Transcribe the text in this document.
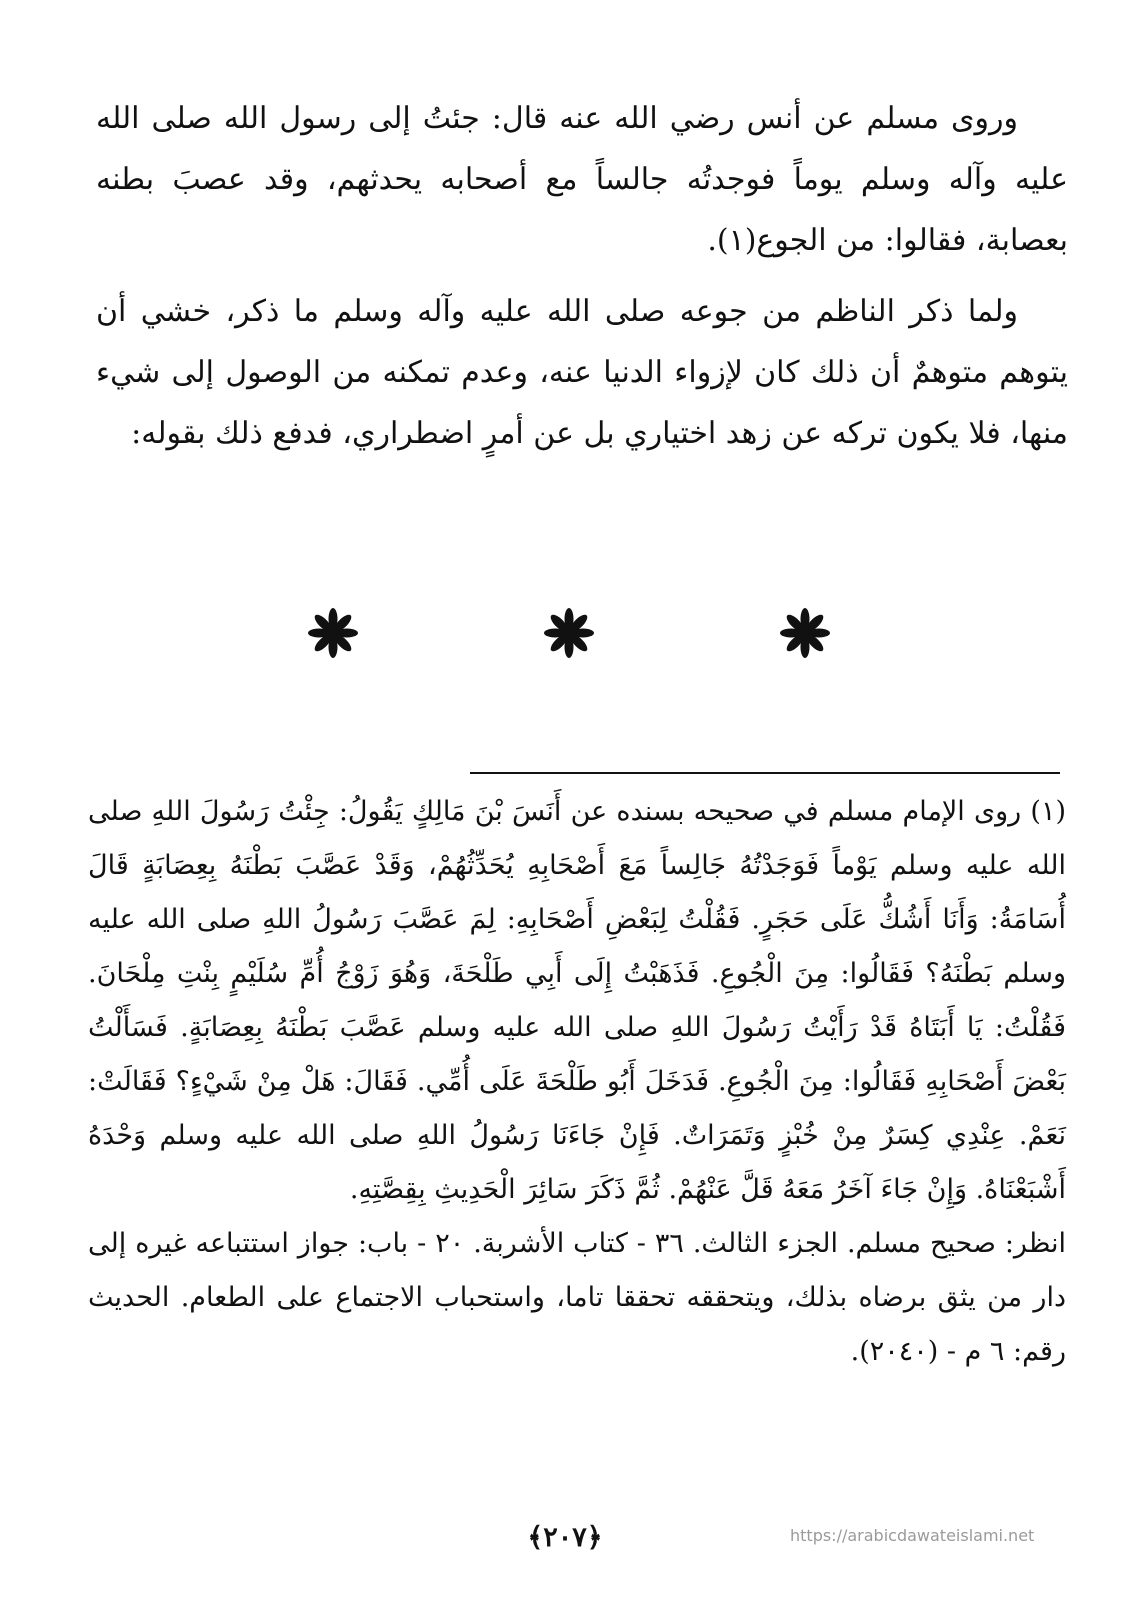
وروى مسلم عن أنس رضي الله عنه قال: جئتُ إلى رسول الله صلى الله عليه وآله وسلم يوماً فوجدتُه جالساً مع أصحابه يحدثهم، وقد عصبَ بطنه بعصابة، فقالوا: من الجوع(١).

ولما ذكر الناظم من جوعه صلى الله عليه وآله وسلم ما ذكر، خشي أن يتوهم متوهمٌ أن ذلك كان لإزواء الدنيا عنه، وعدم تمكنه من الوصول إلى شيء منها، فلا يكون تركه عن زهد اختياري بل عن أمرٍ اضطراري، فدفع ذلك بقوله:

(١) روى الإمام مسلم في صحيحه بسنده عن أَنَسَ بْنَ مَالِكٍ يَقُولُ: جِئْتُ رَسُولَ اللهِ صلى الله عليه وسلم يَوْماً فَوَجَدْتُهُ جَالِساً مَعَ أَصْحَابِهِ يُحَدِّثُهُمْ، وَقَدْ عَصَّبَ بَطْنَهُ بِعِصَابَةٍ قَالَ أُسَامَةُ: وَأَنَا أَشُكُّ عَلَى حَجَرٍ. فَقُلْتُ لِبَعْضِ أَصْحَابِهِ: لِمَ عَصَّبَ رَسُولُ اللهِ صلى الله عليه وسلم بَطْنَهُ؟ فَقَالُوا: مِنَ الْجُوعِ. فَذَهَبْتُ إِلَى أَبِي طَلْحَةَ، وَهُوَ زَوْجُ أُمِّ سُلَيْمٍ بِنْتِ مِلْحَانَ. فَقُلْتُ: يَا أَبَتَاهُ قَدْ رَأَيْتُ رَسُولَ اللهِ صلى الله عليه وسلم عَصَّبَ بَطْنَهُ بِعِصَابَةٍ. فَسَأَلْتُ بَعْضَ أَصْحَابِهِ فَقَالُوا: مِنَ الْجُوعِ. فَدَخَلَ أَبُو طَلْحَةَ عَلَى أُمِّي. فَقَالَ: هَلْ مِنْ شَيْءٍ؟ فَقَالَتْ: نَعَمْ. عِنْدِي كِسَرٌ مِنْ خُبْزٍ وَتَمَرَاتٌ. فَإِنْ جَاءَنَا رَسُولُ اللهِ صلى الله عليه وسلم وَحْدَهُ أَشْبَعْنَاهُ. وَإِنْ جَاءَ آخَرُ مَعَهُ قَلَّ عَنْهُمْ. ثُمَّ ذَكَرَ سَائِرَ الْحَدِيثِ بِقِصَّتِهِ.

انظر: صحيح مسلم. الجزء الثالث. ٣٦ - كتاب الأشربة. ٢٠ - باب: جواز استتباعه غيره إلى دار من يثق برضاه بذلك، ويتحققه تحققا تاما، واستحباب الاجتماع على الطعام. الحديث رقم: ٦ م - (٢٠٤٠).

﴿٢٠٧﴾	https://arabicdawateislami.net
